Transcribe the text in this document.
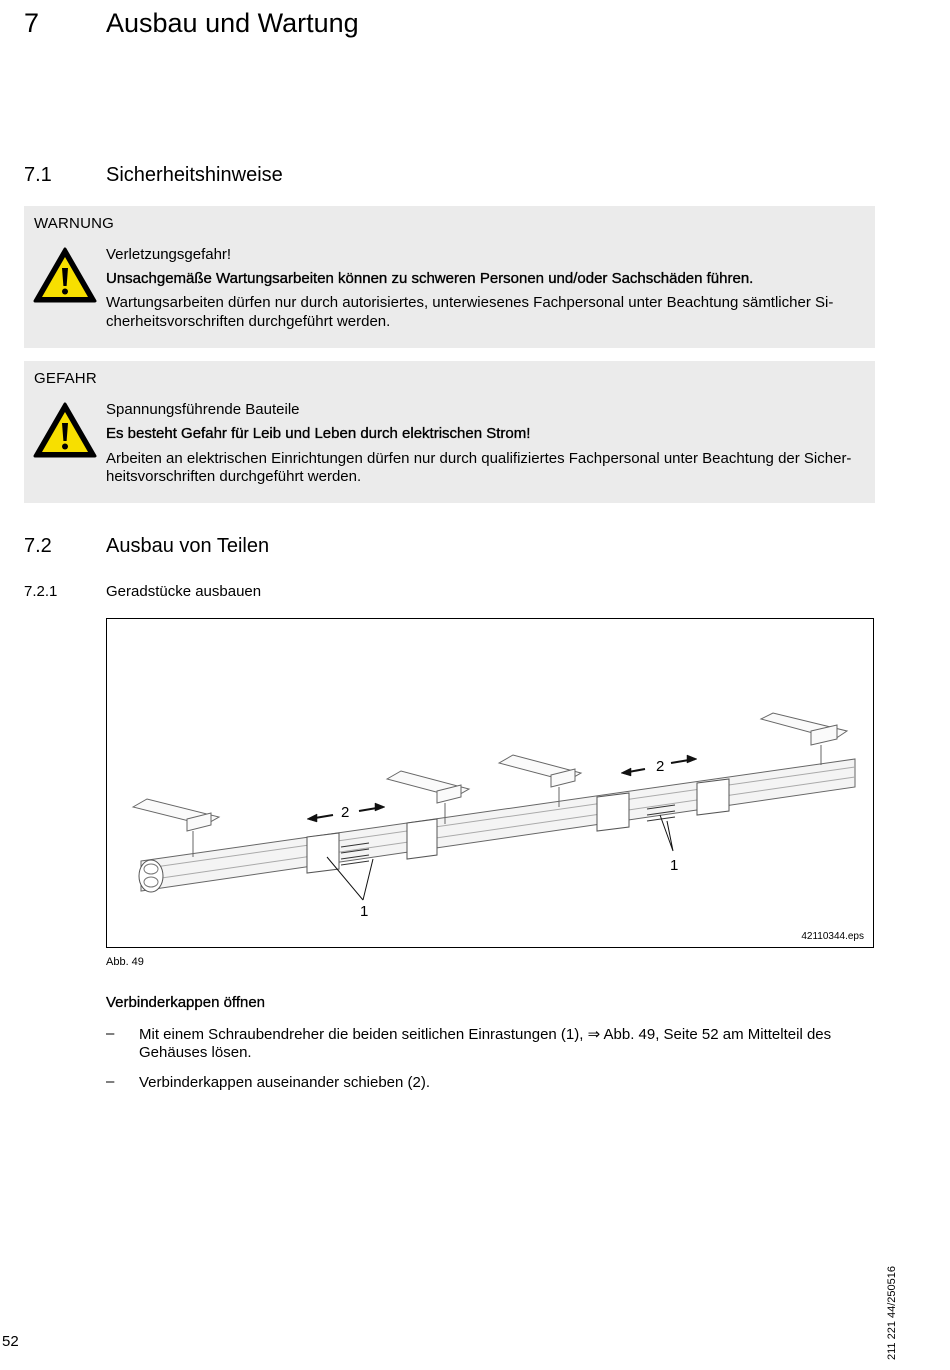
7 Ausbau und Wartung
7.1	Sicherheitshinweise
WARNUNG
Verletzungsgefahr!
Unsachgemäße Wartungsarbeiten können zu schweren Personen und/oder Sachschäden führen.
Wartungsarbeiten dürfen nur durch autorisiertes, unterwiesenes Fachpersonal unter Beachtung sämtlicher Si-
cherheitsvorschriften durchgeführt werden.
GEFAHR
Spannungsführende Bauteile
Es besteht Gefahr für Leib und Leben durch elektrischen Strom!
Arbeiten an elektrischen Einrichtungen dürfen nur durch qualifiziertes Fachpersonal unter Beachtung der Sicher-
heitsvorschriften durchgeführt werden.
7.2	Ausbau von Teilen
7.2.1	Geradstücke ausbauen
2
2
1
1
42110344.eps
Abb. 49
Verbinderkappen öffnen
– Mit einem Schraubendreher die beiden seitlichen Einrastungen (1), ⇒ Abb. 49, Seite 52 am Mittelteil des
Gehäuses lösen.
– Verbinderkappen auseinander schieben (2).
52	211 221 44/250516
